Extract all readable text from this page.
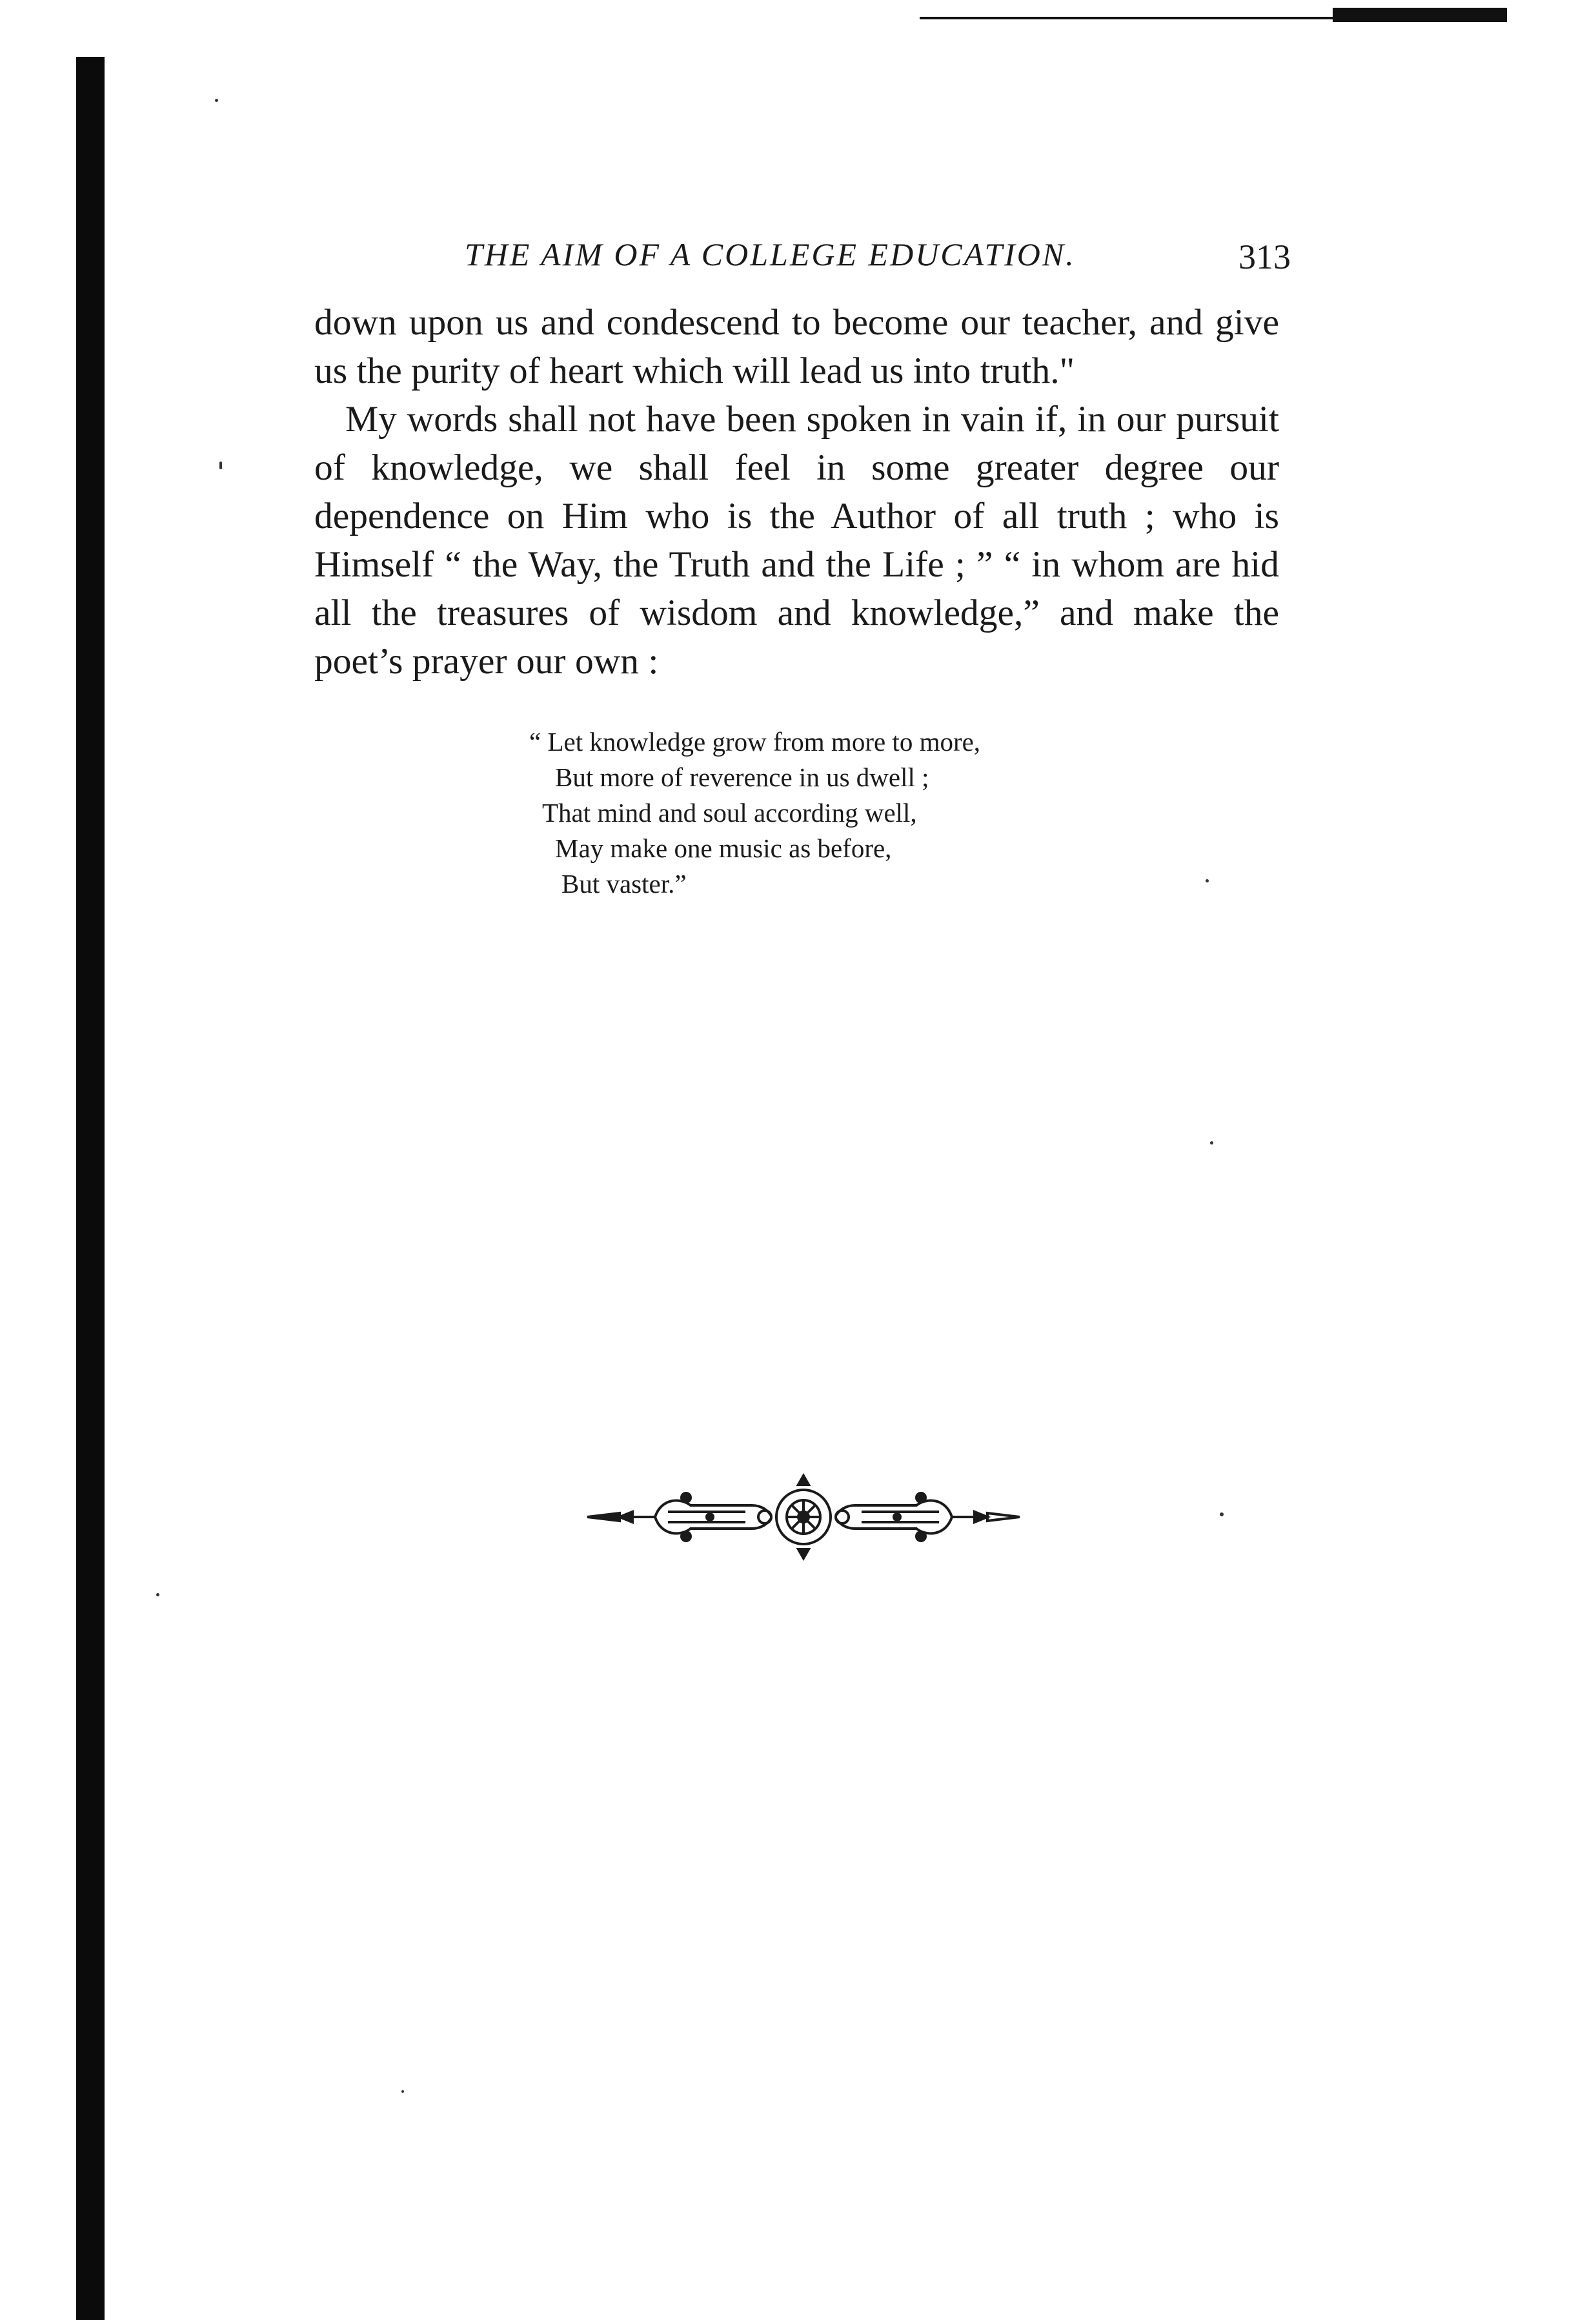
THE AIM OF A COLLEGE EDUCATION.	313

down upon us and condescend to become our teacher, and give us the purity of heart which will lead us into truth."

My words shall not have been spoken in vain if, in our pursuit of knowledge, we shall feel in some greater degree our dependence on Him who is the Author of all truth ; who is Himself “ the Way, the Truth and the Life ; ” “ in whom are hid all the treasures of wisdom and knowledge,” and make the poet’s prayer our own :

“ Let knowledge grow from more to more,
But more of reverence in us dwell ;
That mind and soul according well,
May make one music as before,
But vaster.”
